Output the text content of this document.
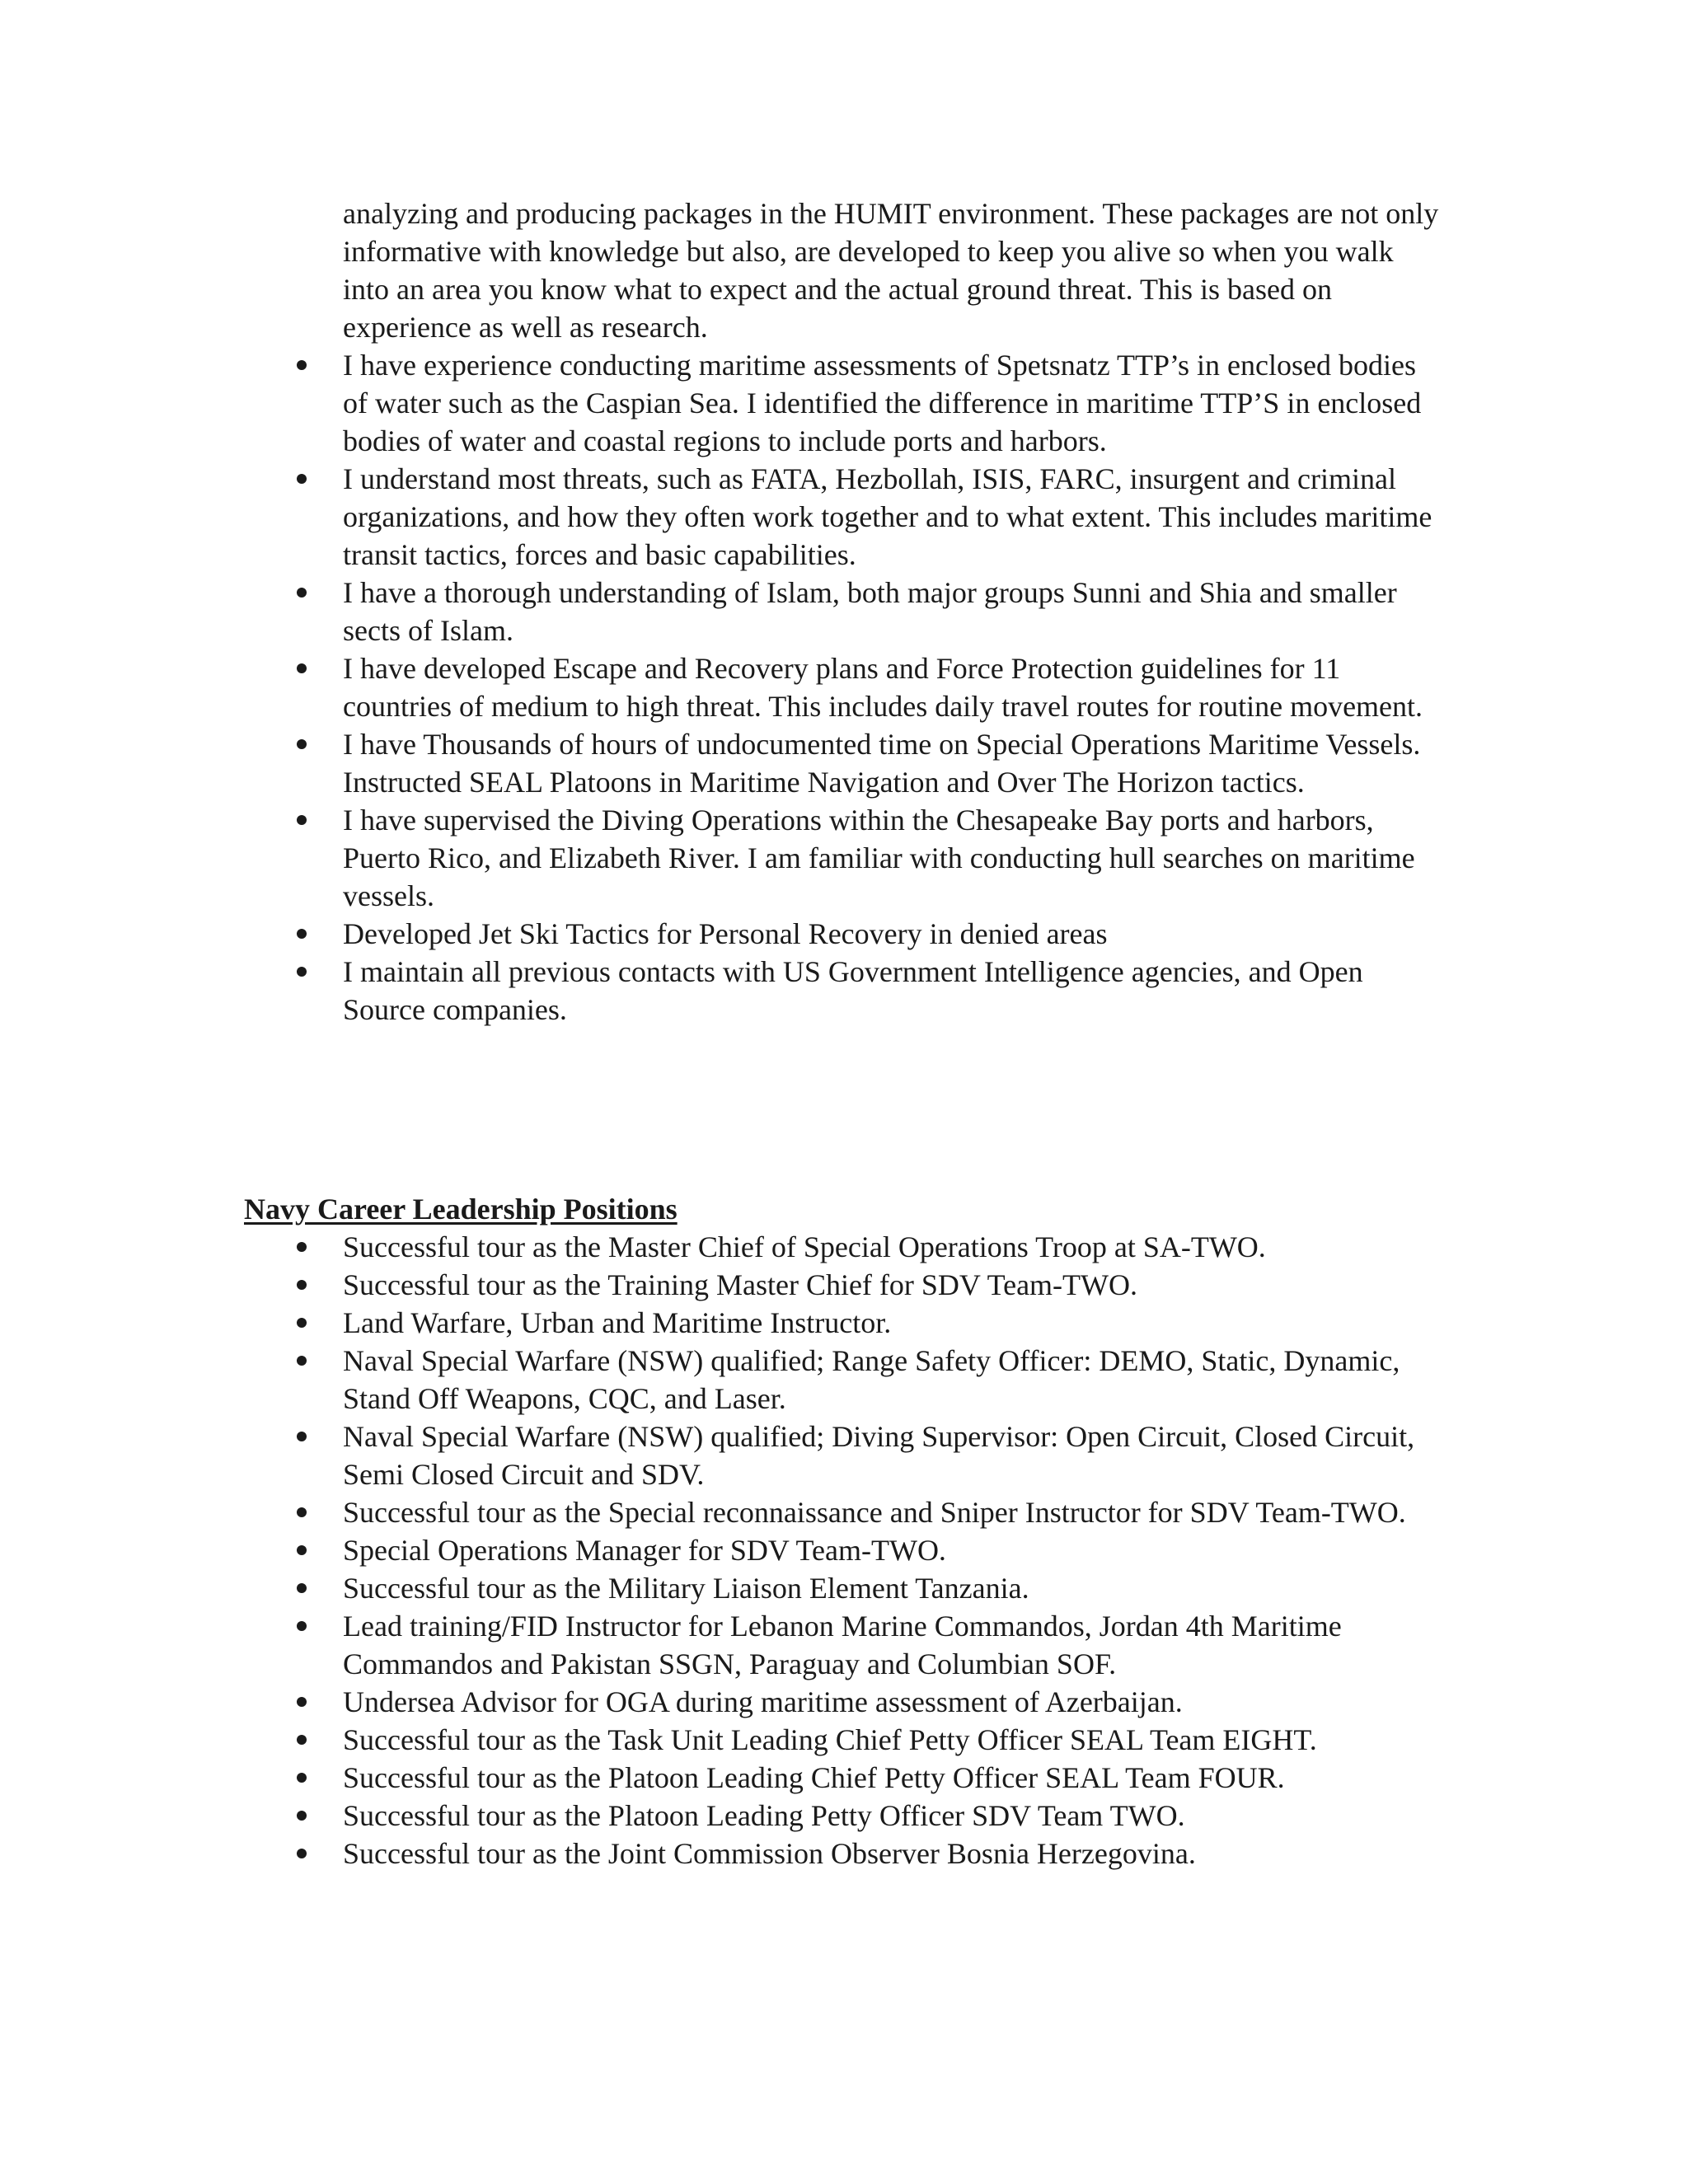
analyzing and producing packages in the HUMIT environment. These packages are not only informative with knowledge but also, are developed to keep you alive so when you walk into an area you know what to expect and the actual ground threat. This is based on experience as well as research.

I have experience conducting maritime assessments of Spetsnatz TTP’s in enclosed bodies of water such as the Caspian Sea. I identified the difference in maritime TTP’S in enclosed bodies of water and coastal regions to include ports and harbors.
I understand most threats, such as FATA, Hezbollah, ISIS, FARC, insurgent and criminal organizations, and how they often work together and to what extent. This includes maritime transit tactics, forces and basic capabilities.
I have a thorough understanding of Islam, both major groups Sunni and Shia and smaller sects of Islam.
I have developed Escape and Recovery plans and Force Protection guidelines for 11 countries of medium to high threat. This includes daily travel routes for routine movement.
I have Thousands of hours of undocumented time on Special Operations Maritime Vessels. Instructed SEAL Platoons in Maritime Navigation and Over The Horizon tactics.
I have supervised the Diving Operations within the Chesapeake Bay ports and harbors, Puerto Rico, and Elizabeth River. I am familiar with conducting hull searches on maritime vessels.
Developed Jet Ski Tactics for Personal Recovery in denied areas
I maintain all previous contacts with US Government Intelligence agencies, and Open Source companies.
Navy Career Leadership Positions
Successful tour as the Master Chief of Special Operations Troop at SA-TWO.
Successful tour as the Training Master Chief for SDV Team-TWO.
Land Warfare, Urban and Maritime Instructor.
Naval Special Warfare (NSW) qualified; Range Safety Officer: DEMO, Static, Dynamic, Stand Off Weapons, CQC, and Laser.
Naval Special Warfare (NSW) qualified; Diving Supervisor: Open Circuit, Closed Circuit, Semi Closed Circuit and SDV.
Successful tour as the Special reconnaissance and Sniper Instructor for SDV Team-TWO.
Special Operations Manager for SDV Team-TWO.
Successful tour as the Military Liaison Element Tanzania.
Lead training/FID Instructor for Lebanon Marine Commandos, Jordan 4th Maritime Commandos and Pakistan SSGN, Paraguay and Columbian SOF.
Undersea Advisor for OGA during maritime assessment of Azerbaijan.
Successful tour as the Task Unit Leading Chief Petty Officer SEAL Team EIGHT.
Successful tour as the Platoon Leading Chief Petty Officer SEAL Team FOUR.
Successful tour as the Platoon Leading Petty Officer SDV Team TWO.
Successful tour as the Joint Commission Observer Bosnia Herzegovina.
